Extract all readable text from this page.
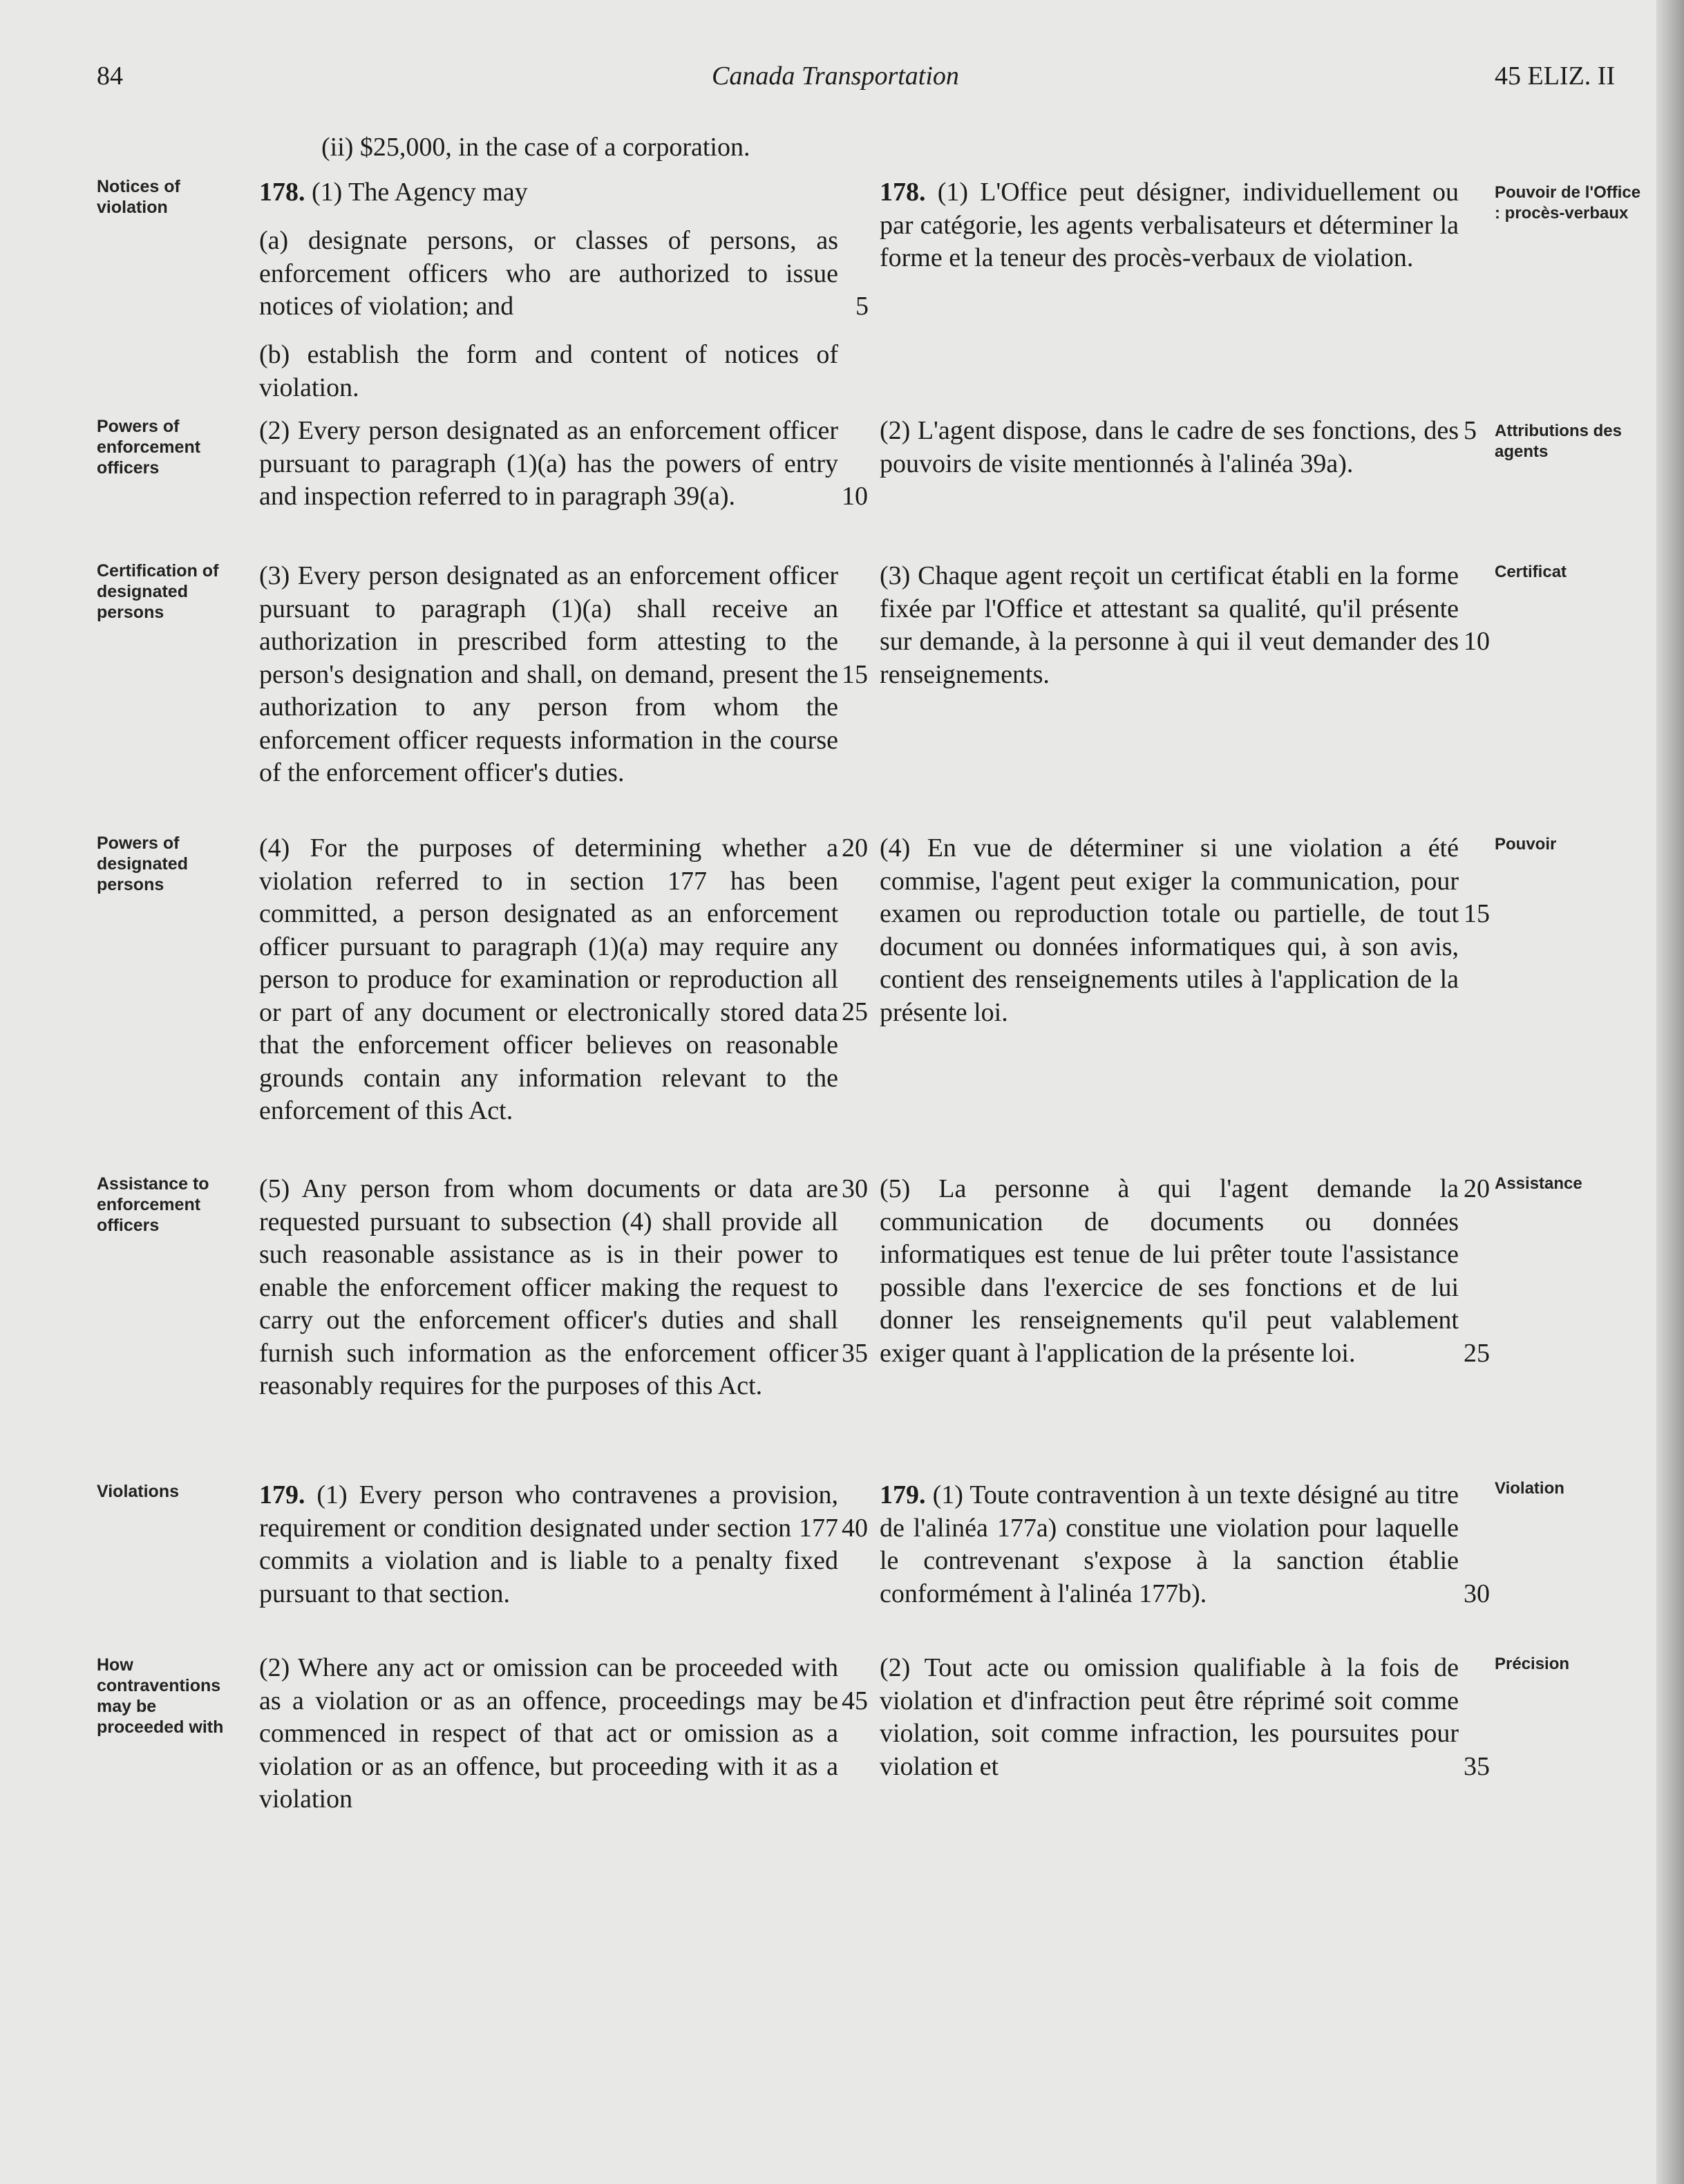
84	Canada Transportation	45 ELIZ. II
Notices of violation
Powers of enforcement officers
Certification of designated persons
Powers of designated persons
Assistance to enforcement officers
Violations
How contraventions may be proceeded with
Pouvoir de l'Office : procès-verbaux
Attributions des agents
Certificat
Pouvoir
Assistance
Violation
Précision

(ii) $25,000, in the case of a corporation.

178. (1) The Agency may

(a) designate persons, or classes of persons, as enforcement officers who are authorized to issue notices of violation; and

(b) establish the form and content of notices of violation.

(2) Every person designated as an enforcement officer pursuant to paragraph (1)(a) has the powers of entry and inspection referred to in paragraph 39(a).

(3) Every person designated as an enforcement officer pursuant to paragraph (1)(a) shall receive an authorization in prescribed form attesting to the person's designation and shall, on demand, present the authorization to any person from whom the enforcement officer requests information in the course of the enforcement officer's duties.

(4) For the purposes of determining whether a violation referred to in section 177 has been committed, a person designated as an enforcement officer pursuant to paragraph (1)(a) may require any person to produce for examination or reproduction all or part of any document or electronically stored data that the enforcement officer believes on reasonable grounds contain any information relevant to the enforcement of this Act.

(5) Any person from whom documents or data are requested pursuant to subsection (4) shall provide all such reasonable assistance as is in their power to enable the enforcement officer making the request to carry out the enforcement officer's duties and shall furnish such information as the enforcement officer reasonably requires for the purposes of this Act.

179. (1) Every person who contravenes a provision, requirement or condition designated under section 177 commits a violation and is liable to a penalty fixed pursuant to that section.

(2) Where any act or omission can be proceeded with as a violation or as an offence, proceedings may be commenced in respect of that act or omission as a violation or as an offence, but proceeding with it as a violation

178. (1) L'Office peut désigner, individuellement ou par catégorie, les agents verbalisateurs et déterminer la forme et la teneur des procès-verbaux de violation.

(2) L'agent dispose, dans le cadre de ses fonctions, des pouvoirs de visite mentionnés à l'alinéa 39a).

(3) Chaque agent reçoit un certificat établi en la forme fixée par l'Office et attestant sa qualité, qu'il présente sur demande, à la personne à qui il veut demander des renseignements.

(4) En vue de déterminer si une violation a été commise, l'agent peut exiger la communication, pour examen ou reproduction totale ou partielle, de tout document ou données informatiques qui, à son avis, contient des renseignements utiles à l'application de la présente loi.

(5) La personne à qui l'agent demande la communication de documents ou données informatiques est tenue de lui prêter toute l'assistance possible dans l'exercice de ses fonctions et de lui donner les renseignements qu'il peut valablement exiger quant à l'application de la présente loi.

179. (1) Toute contravention à un texte désigné au titre de l'alinéa 177a) constitue une violation pour laquelle le contrevenant s'expose à la sanction établie conformément à l'alinéa 177b).

(2) Tout acte ou omission qualifiable à la fois de violation et d'infraction peut être réprimé soit comme violation, soit comme infraction, les poursuites pour violation et

5
10
15
20
25
30
35
40
45
5
10
15
20
25
30
35
